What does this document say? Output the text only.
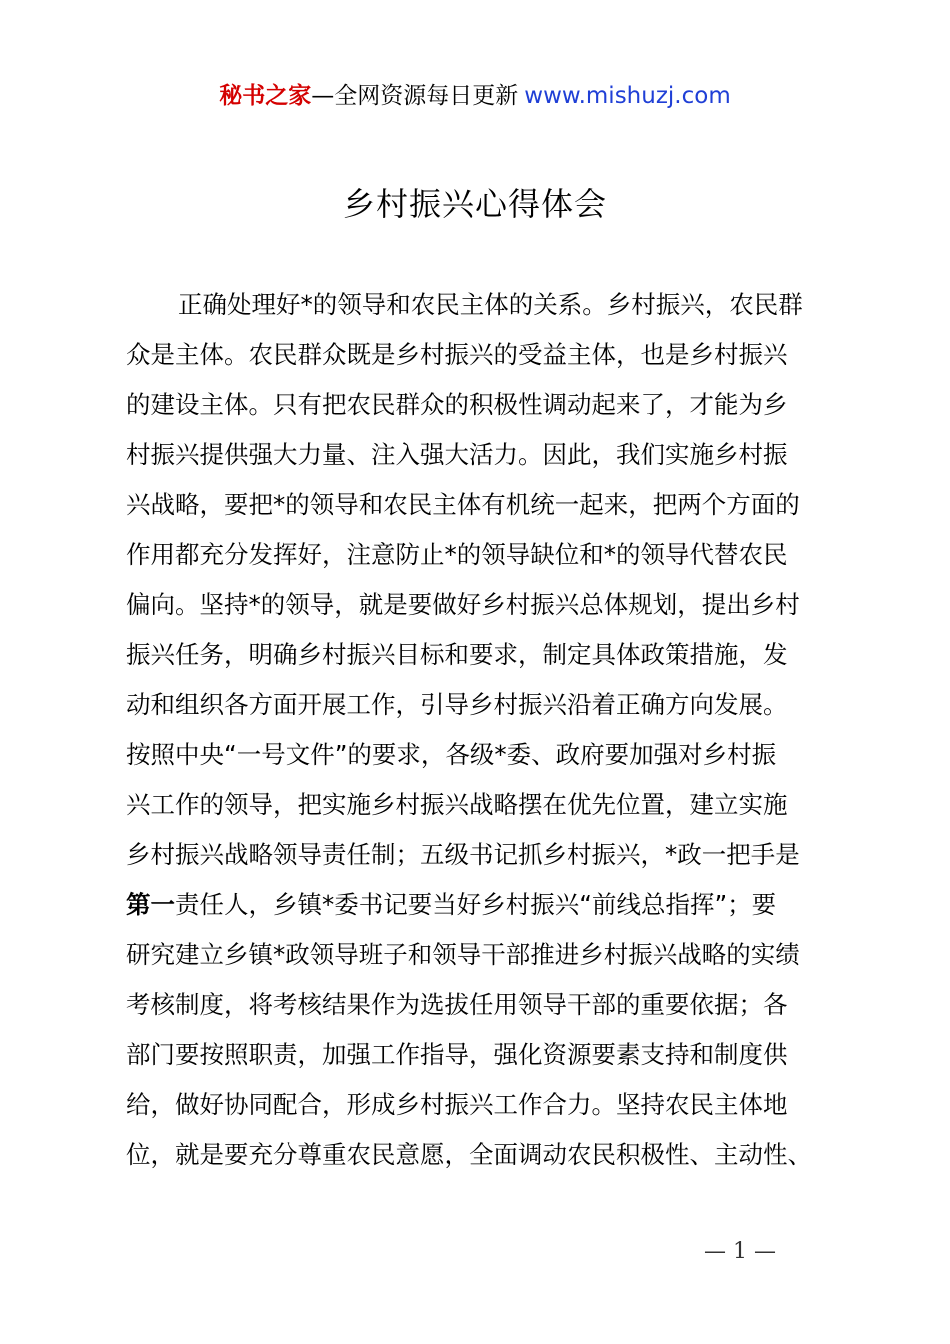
秘书之家—全网资源每日更新 www.mishuzj.com
乡村振兴心得体会
正确处理好*的领导和农民主体的关系。乡村振兴，农民群
众是主体。农民群众既是乡村振兴的受益主体，也是乡村振兴
的建设主体。只有把农民群众的积极性调动起来了，才能为乡
村振兴提供强大力量、注入强大活力。因此，我们实施乡村振
兴战略，要把*的领导和农民主体有机统一起来，把两个方面的
作用都充分发挥好，注意防止*的领导缺位和*的领导代替农民
偏向。坚持*的领导，就是要做好乡村振兴总体规划，提出乡村
振兴任务，明确乡村振兴目标和要求，制定具体政策措施，发
动和组织各方面开展工作，引导乡村振兴沿着正确方向发展。
按照中央“一号文件”的要求，各级*委、政府要加强对乡村振
兴工作的领导，把实施乡村振兴战略摆在优先位置，建立实施
乡村振兴战略领导责任制；五级书记抓乡村振兴，*政一把手是
第一责任人，乡镇*委书记要当好乡村振兴“前线总指挥”；要
研究建立乡镇*政领导班子和领导干部推进乡村振兴战略的实绩
考核制度，将考核结果作为选拔任用领导干部的重要依据；各
部门要按照职责，加强工作指导，强化资源要素支持和制度供
给，做好协同配合，形成乡村振兴工作合力。坚持农民主体地
位，就是要充分尊重农民意愿，全面调动农民积极性、主动性、
— 1 —
